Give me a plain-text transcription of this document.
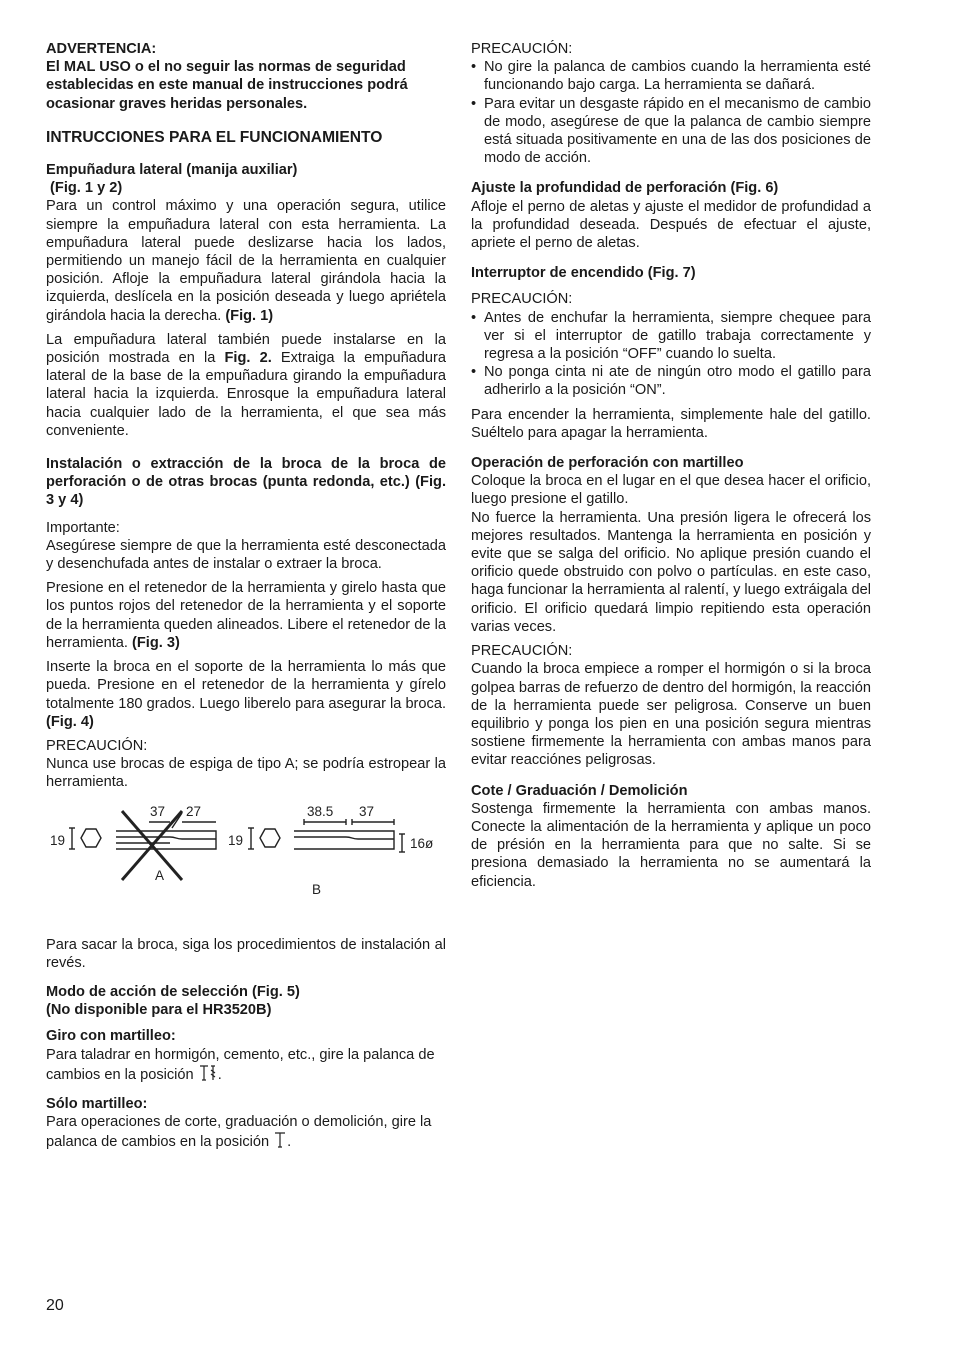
ADVERTENCIA:

El MAL USO o el no seguir las normas de seguridad establecidas en este manual de instrucciones podrá ocasionar graves heridas personales.

INTRUCCIONES PARA EL FUNCIONAMIENTO

Empuñadura lateral (manija auxiliar)

(Fig. 1 y 2)

Para un control máximo y una operación segura, utilice siempre la empuñadura lateral con esta herramienta. La empuñadura lateral puede deslizarse hacia los lados, permitiendo un manejo fácil de la herramienta en cualquier posición. Afloje la empuñadura lateral girándola hacia la izquierda, deslícela en la posición deseada y luego apriétela girándola hacia la derecha. (Fig. 1)

La empuñadura lateral también puede instalarse en la posición mostrada en la Fig. 2. Extraiga la empuñadura lateral de la base de la empuñadura girando la empuñadura lateral hacia la izquierda. Enrosque la empuñadura lateral hacia cualquier lado de la herramienta, el que sea más conveniente.

Instalación o extracción de la broca de la broca de perforación o de otras brocas (punta redonda, etc.) (Fig. 3 y 4)

Importante:

Asegúrese siempre de que la herramienta esté desconectada y desenchufada antes de instalar o extraer la broca.

Presione en el retenedor de la herramienta y girelo hasta que los puntos rojos del retenedor de la herramienta y el soporte de la herramienta queden alineados. Libere el retenedor de la herramienta. (Fig. 3)

Inserte la broca en el soporte de la herramienta lo más que pueda. Presione en el retenedor de la herramienta y gírelo totalmente 180 grados. Luego liberelo para asegurar la broca. (Fig. 4)

PRECAUCIÓN:

Nunca use brocas de espiga de tipo A; se podría estropear la herramienta.

19
37 27
A
19
38.5 37
16ø
B

Para sacar la broca, siga los procedimientos de instalación al revés.

Modo de acción de selección (Fig. 5)

(No disponible para el HR3520B)

Giro con martilleo:

Para taladrar en hormigón, cemento, etc., gire la palanca de cambios en la posición .

Sólo martilleo:

Para operaciones de corte, graduación o demolición, gire la palanca de cambios en la posición .

PRECAUCIÓN:

• No gire la palanca de cambios cuando la herramienta esté funcionando bajo carga. La herramienta se dañará.

• Para evitar un desgaste rápido en el mecanismo de cambio de modo, asegúrese de que la palanca de cambio siempre está situada positivamente en una de las dos posiciones de modo de acción.

Ajuste la profundidad de perforación (Fig. 6)

Afloje el perno de aletas y ajuste el medidor de profundidad a la profundidad deseada. Después de efectuar el ajuste, apriete el perno de aletas.

Interruptor de encendido (Fig. 7)

PRECAUCIÓN:

• Antes de enchufar la herramienta, siempre chequee para ver si el interruptor de gatillo trabaja correctamente y regresa a la posición “OFF” cuando lo suelta.

• No ponga cinta ni ate de ningún otro modo el gatillo para adherirlo a la posición “ON”.

Para encender la herramienta, simplemente hale del gatillo. Suéltelo para apagar la herramienta.

Operación de perforación con martilleo

Coloque la broca en el lugar en el que desea hacer el orificio, luego presione el gatillo.

No fuerce la herramienta. Una presión ligera le ofrecerá los mejores resultados. Mantenga la herramienta en posición y evite que se salga del orificio. No aplique presión cuando el orificio quede obstruido con polvo o partículas. en este caso, haga funcionar la herramienta al ralentí, y luego extráigala del orificio. El orificio quedará limpio repitiendo esta operación varias veces.

PRECAUCIÓN:

Cuando la broca empiece a romper el hormigón o si la broca golpea barras de refuerzo de dentro del hormigón, la reacción de la herramienta puede ser peligrosa. Conserve un buen equilibrio y ponga los pien en una posición segura mientras sostiene firmemente la herramienta con ambas manos para evitar reacciónes peligrosas.

Cote / Graduación / Demolición

Sostenga firmemente la herramienta con ambas manos. Conecte la alimentación de la herramienta y aplique un poco de présión en la herramienta para que no salte. Si se presiona demasiado la herramienta no se aumentará la eficiencia.

20
